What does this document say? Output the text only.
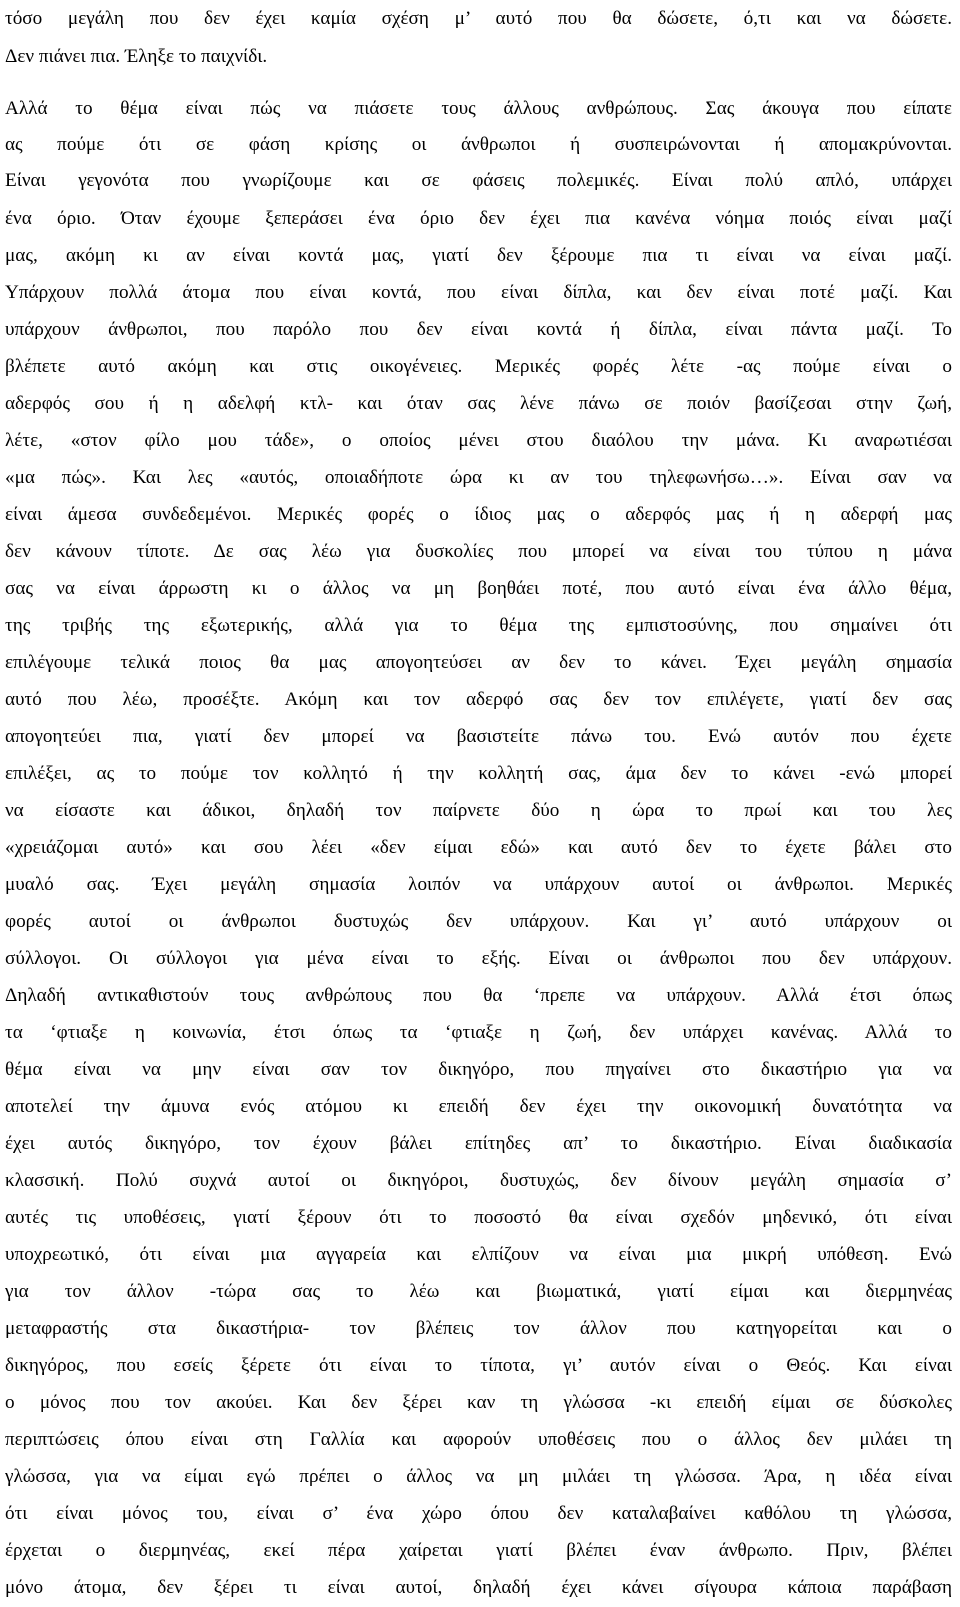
τόσο μεγάλη που δεν έχει καμία σχέση μ’ αυτό που θα δώσετε, ό,τι και να δώσετε.
Δεν πιάνει πια. Έληξε το παιχνίδι.
Αλλά το θέμα είναι πώς να πιάσετε τους άλλους ανθρώπους. Σας άκουγα που είπατε
ας πούμε ότι σε φάση κρίσης οι άνθρωποι ή συσπειρώνονται ή απομακρύνονται.
Είναι γεγονότα που γνωρίζουμε και σε φάσεις πολεμικές. Είναι πολύ απλό, υπάρχει
ένα όριο. Όταν έχουμε ξεπεράσει ένα όριο δεν έχει πια κανένα νόημα ποιός είναι μαζί
μας, ακόμη κι αν είναι κοντά μας, γιατί δεν ξέρουμε πια τι είναι να είναι μαζί.
Υπάρχουν πολλά άτομα που είναι κοντά, που είναι δίπλα, και δεν είναι ποτέ μαζί. Και
υπάρχουν άνθρωποι, που παρόλο που δεν είναι κοντά ή δίπλα, είναι πάντα μαζί. Το
βλέπετε αυτό ακόμη και στις οικογένειες. Μερικές φορές λέτε -ας πούμε είναι ο
αδερφός σου ή η αδελφή κτλ- και όταν σας λένε πάνω σε ποιόν βασίζεσαι στην ζωή,
λέτε, «στον φίλο μου τάδε», ο οποίος μένει στου διαόλου την μάνα. Κι αναρωτιέσαι
«μα πώς». Και λες «αυτός, οποιαδήποτε ώρα κι αν του τηλεφωνήσω…». Είναι σαν να
είναι άμεσα συνδεδεμένοι. Μερικές φορές ο ίδιος μας ο αδερφός μας ή η αδερφή μας
δεν κάνουν τίποτε. Δε σας λέω για δυσκολίες που μπορεί να είναι του τύπου η μάνα
σας να είναι άρρωστη κι ο άλλος να μη βοηθάει ποτέ, που αυτό είναι ένα άλλο θέμα,
της τριβής της εξωτερικής, αλλά για το θέμα της εμπιστοσύνης, που σημαίνει ότι
επιλέγουμε τελικά ποιος θα μας απογοητεύσει αν δεν το κάνει. Έχει μεγάλη σημασία
αυτό που λέω, προσέξτε. Ακόμη και τον αδερφό σας δεν τον επιλέγετε, γιατί δεν σας
απογοητεύει πια, γιατί δεν μπορεί να βασιστείτε πάνω του. Ενώ αυτόν που έχετε
επιλέξει, ας το πούμε τον κολλητό ή την κολλητή σας, άμα δεν το κάνει -ενώ μπορεί
να είσαστε και άδικοι, δηλαδή τον παίρνετε δύο η ώρα το πρωί και του λες
«χρειάζομαι αυτό» και σου λέει «δεν είμαι εδώ» και αυτό δεν το έχετε βάλει στο
μυαλό σας. Έχει μεγάλη σημασία λοιπόν να υπάρχουν αυτοί οι άνθρωποι. Μερικές
φορές αυτοί οι άνθρωποι δυστυχώς δεν υπάρχουν. Και γι’ αυτό υπάρχουν οι
σύλλογοι. Οι σύλλογοι για μένα είναι το εξής. Είναι οι άνθρωποι που δεν υπάρχουν.
Δηλαδή αντικαθιστούν τους ανθρώπους που θα ‘πρεπε να υπάρχουν. Αλλά έτσι όπως
τα ‘φτιαξε η κοινωνία, έτσι όπως τα ‘φτιαξε η ζωή, δεν υπάρχει κανένας. Αλλά το
θέμα είναι να μην είναι σαν τον δικηγόρο, που πηγαίνει στο δικαστήριο για να
αποτελεί την άμυνα ενός ατόμου κι επειδή δεν έχει την οικονομική δυνατότητα να
έχει αυτός δικηγόρο, τον έχουν βάλει επίτηδες απ’ το δικαστήριο. Είναι διαδικασία
κλασσική. Πολύ συχνά αυτοί οι δικηγόροι, δυστυχώς, δεν δίνουν μεγάλη σημασία σ’
αυτές τις υποθέσεις, γιατί ξέρουν ότι το ποσοστό θα είναι σχεδόν μηδενικό, ότι είναι
υποχρεωτικό, ότι είναι μια αγγαρεία και ελπίζουν να είναι μια μικρή υπόθεση. Ενώ
για τον άλλον -τώρα σας το λέω και βιωματικά, γιατί είμαι και διερμηνέας
μεταφραστής στα δικαστήρια- τον βλέπεις τον άλλον που κατηγορείται και ο
δικηγόρος, που εσείς ξέρετε ότι είναι το τίποτα, γι’ αυτόν είναι ο Θεός. Και είναι
ο μόνος που τον ακούει. Και δεν ξέρει καν τη γλώσσα -κι επειδή είμαι σε δύσκολες
περιπτώσεις όπου είναι στη Γαλλία και αφορούν υποθέσεις που ο άλλος δεν μιλάει τη
γλώσσα, για να είμαι εγώ πρέπει ο άλλος να μη μιλάει τη γλώσσα. Άρα, η ιδέα είναι
ότι είναι μόνος του, είναι σ’ ένα χώρο όπου δεν καταλαβαίνει καθόλου τη γλώσσα,
έρχεται ο διερμηνέας, εκεί πέρα χαίρεται γιατί βλέπει έναν άνθρωπο. Πριν, βλέπει
μόνο άτομα, δεν ξέρει τι είναι αυτοί, δηλαδή έχει κάνει σίγουρα κάποια παράβαση
